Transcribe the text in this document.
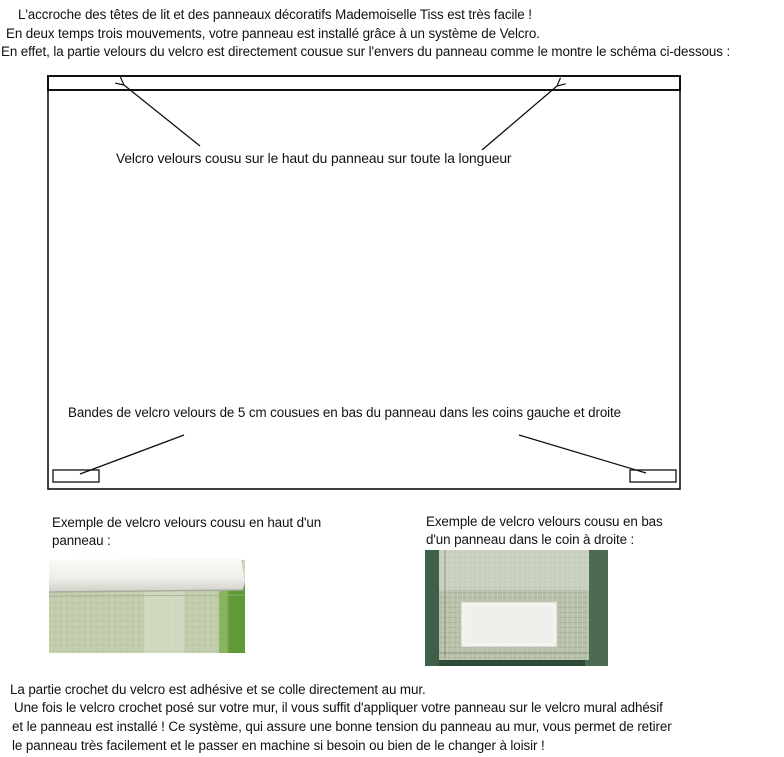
L'accroche des têtes de lit et des panneaux décoratifs Mademoiselle Tiss est très facile !
En deux temps trois mouvements, votre panneau est installé grâce à un système de Velcro.
En effet, la partie velours du velcro est directement cousue sur l'envers du panneau comme le montre le schéma ci-dessous :
Velcro velours cousu sur le haut du panneau sur toute la longueur
Bandes de velcro velours de 5 cm cousues en bas du panneau dans les coins gauche et droite
Exemple de velcro velours cousu en haut d'un
panneau :
Exemple de velcro velours cousu en bas
d'un panneau dans le coin à droite :
La partie crochet du velcro est adhésive et se colle directement au mur.
Une fois le velcro crochet posé sur votre mur, il vous suffit d'appliquer votre panneau sur le velcro mural adhésif
et le panneau est installé ! Ce système, qui assure une bonne tension du panneau au mur, vous permet de retirer
le panneau très facilement et le passer en machine si besoin ou bien de le changer à loisir !
